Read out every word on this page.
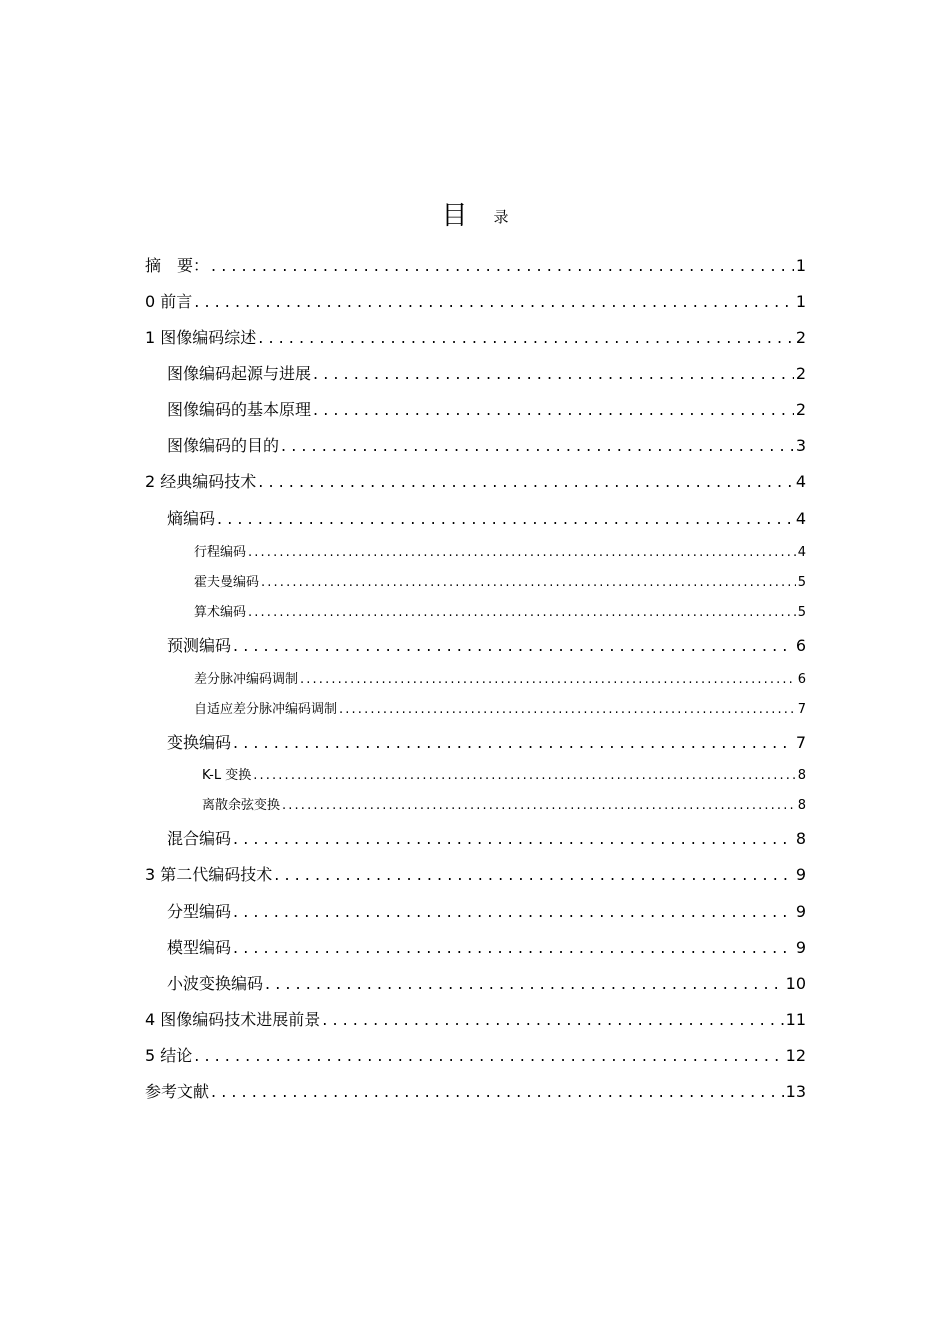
目 录
摘　要： . . .	1
0 前言 . . .	1
1 图像编码综述 . . .	2
图像编码起源与进展 . . .	2
图像编码的基本原理 . . .	2
图像编码的目的 . . .	3
2 经典编码技术 . . .	4
熵编码 . . .	4
行程编码 . . .	4
霍夫曼编码 . . .	5
算术编码 . . .	5
预测编码 . . .	6
差分脉冲编码调制 . . .	6
自适应差分脉冲编码调制 . . .	7
变换编码 . . .	7
K-L 变换 . . .	8
离散余弦变换 . . .	8
混合编码 . . .	8
3 第二代编码技术 . . .	9
分型编码 . . .	9
模型编码 . . .	9
小波变换编码 . . .	10
4 图像编码技术进展前景 . . .	11
5 结论 . . .	12
参考文献 . . .	13
